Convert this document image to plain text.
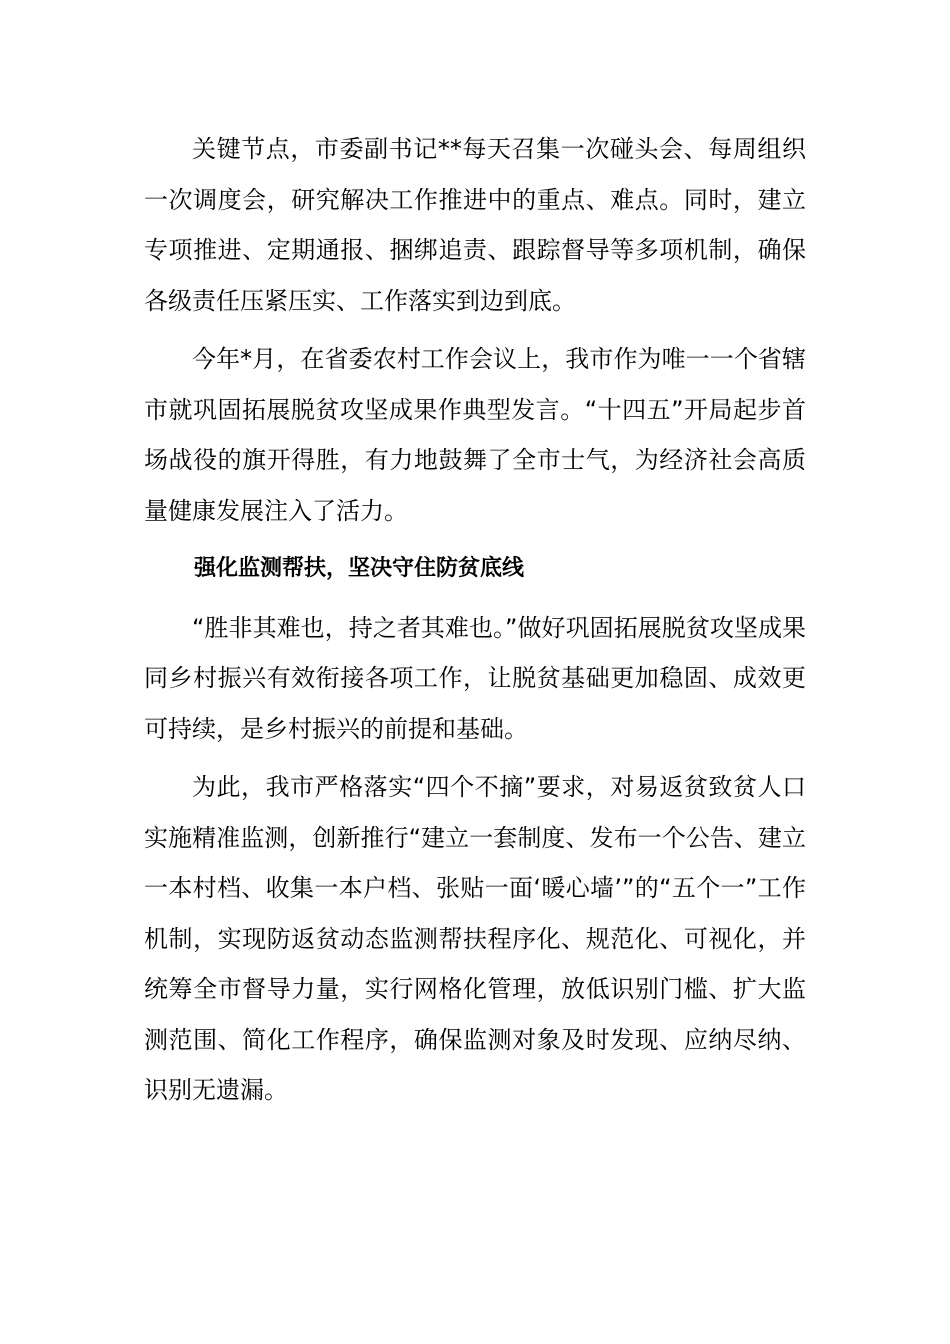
关键节点，市委副书记**每天召集一次碰头会、每周组织一次调度会，研究解决工作推进中的重点、难点。同时，建立专项推进、定期通报、捆绑追责、跟踪督导等多项机制，确保各级责任压紧压实、工作落实到边到底。

今年*月，在省委农村工作会议上，我市作为唯一一个省辖市就巩固拓展脱贫攻坚成果作典型发言。“十四五”开局起步首场战役的旗开得胜，有力地鼓舞了全市士气，为经济社会高质量健康发展注入了活力。

强化监测帮扶，坚决守住防贫底线

“胜非其难也，持之者其难也。”做好巩固拓展脱贫攻坚成果同乡村振兴有效衔接各项工作，让脱贫基础更加稳固、成效更可持续，是乡村振兴的前提和基础。

为此，我市严格落实“四个不摘”要求，对易返贫致贫人口实施精准监测，创新推行“建立一套制度、发布一个公告、建立一本村档、收集一本户档、张贴一面‘暖心墙’”的“五个一”工作机制，实现防返贫动态监测帮扶程序化、规范化、可视化，并统筹全市督导力量，实行网格化管理，放低识别门槛、扩大监测范围、简化工作程序，确保监测对象及时发现、应纳尽纳、识别无遗漏。
